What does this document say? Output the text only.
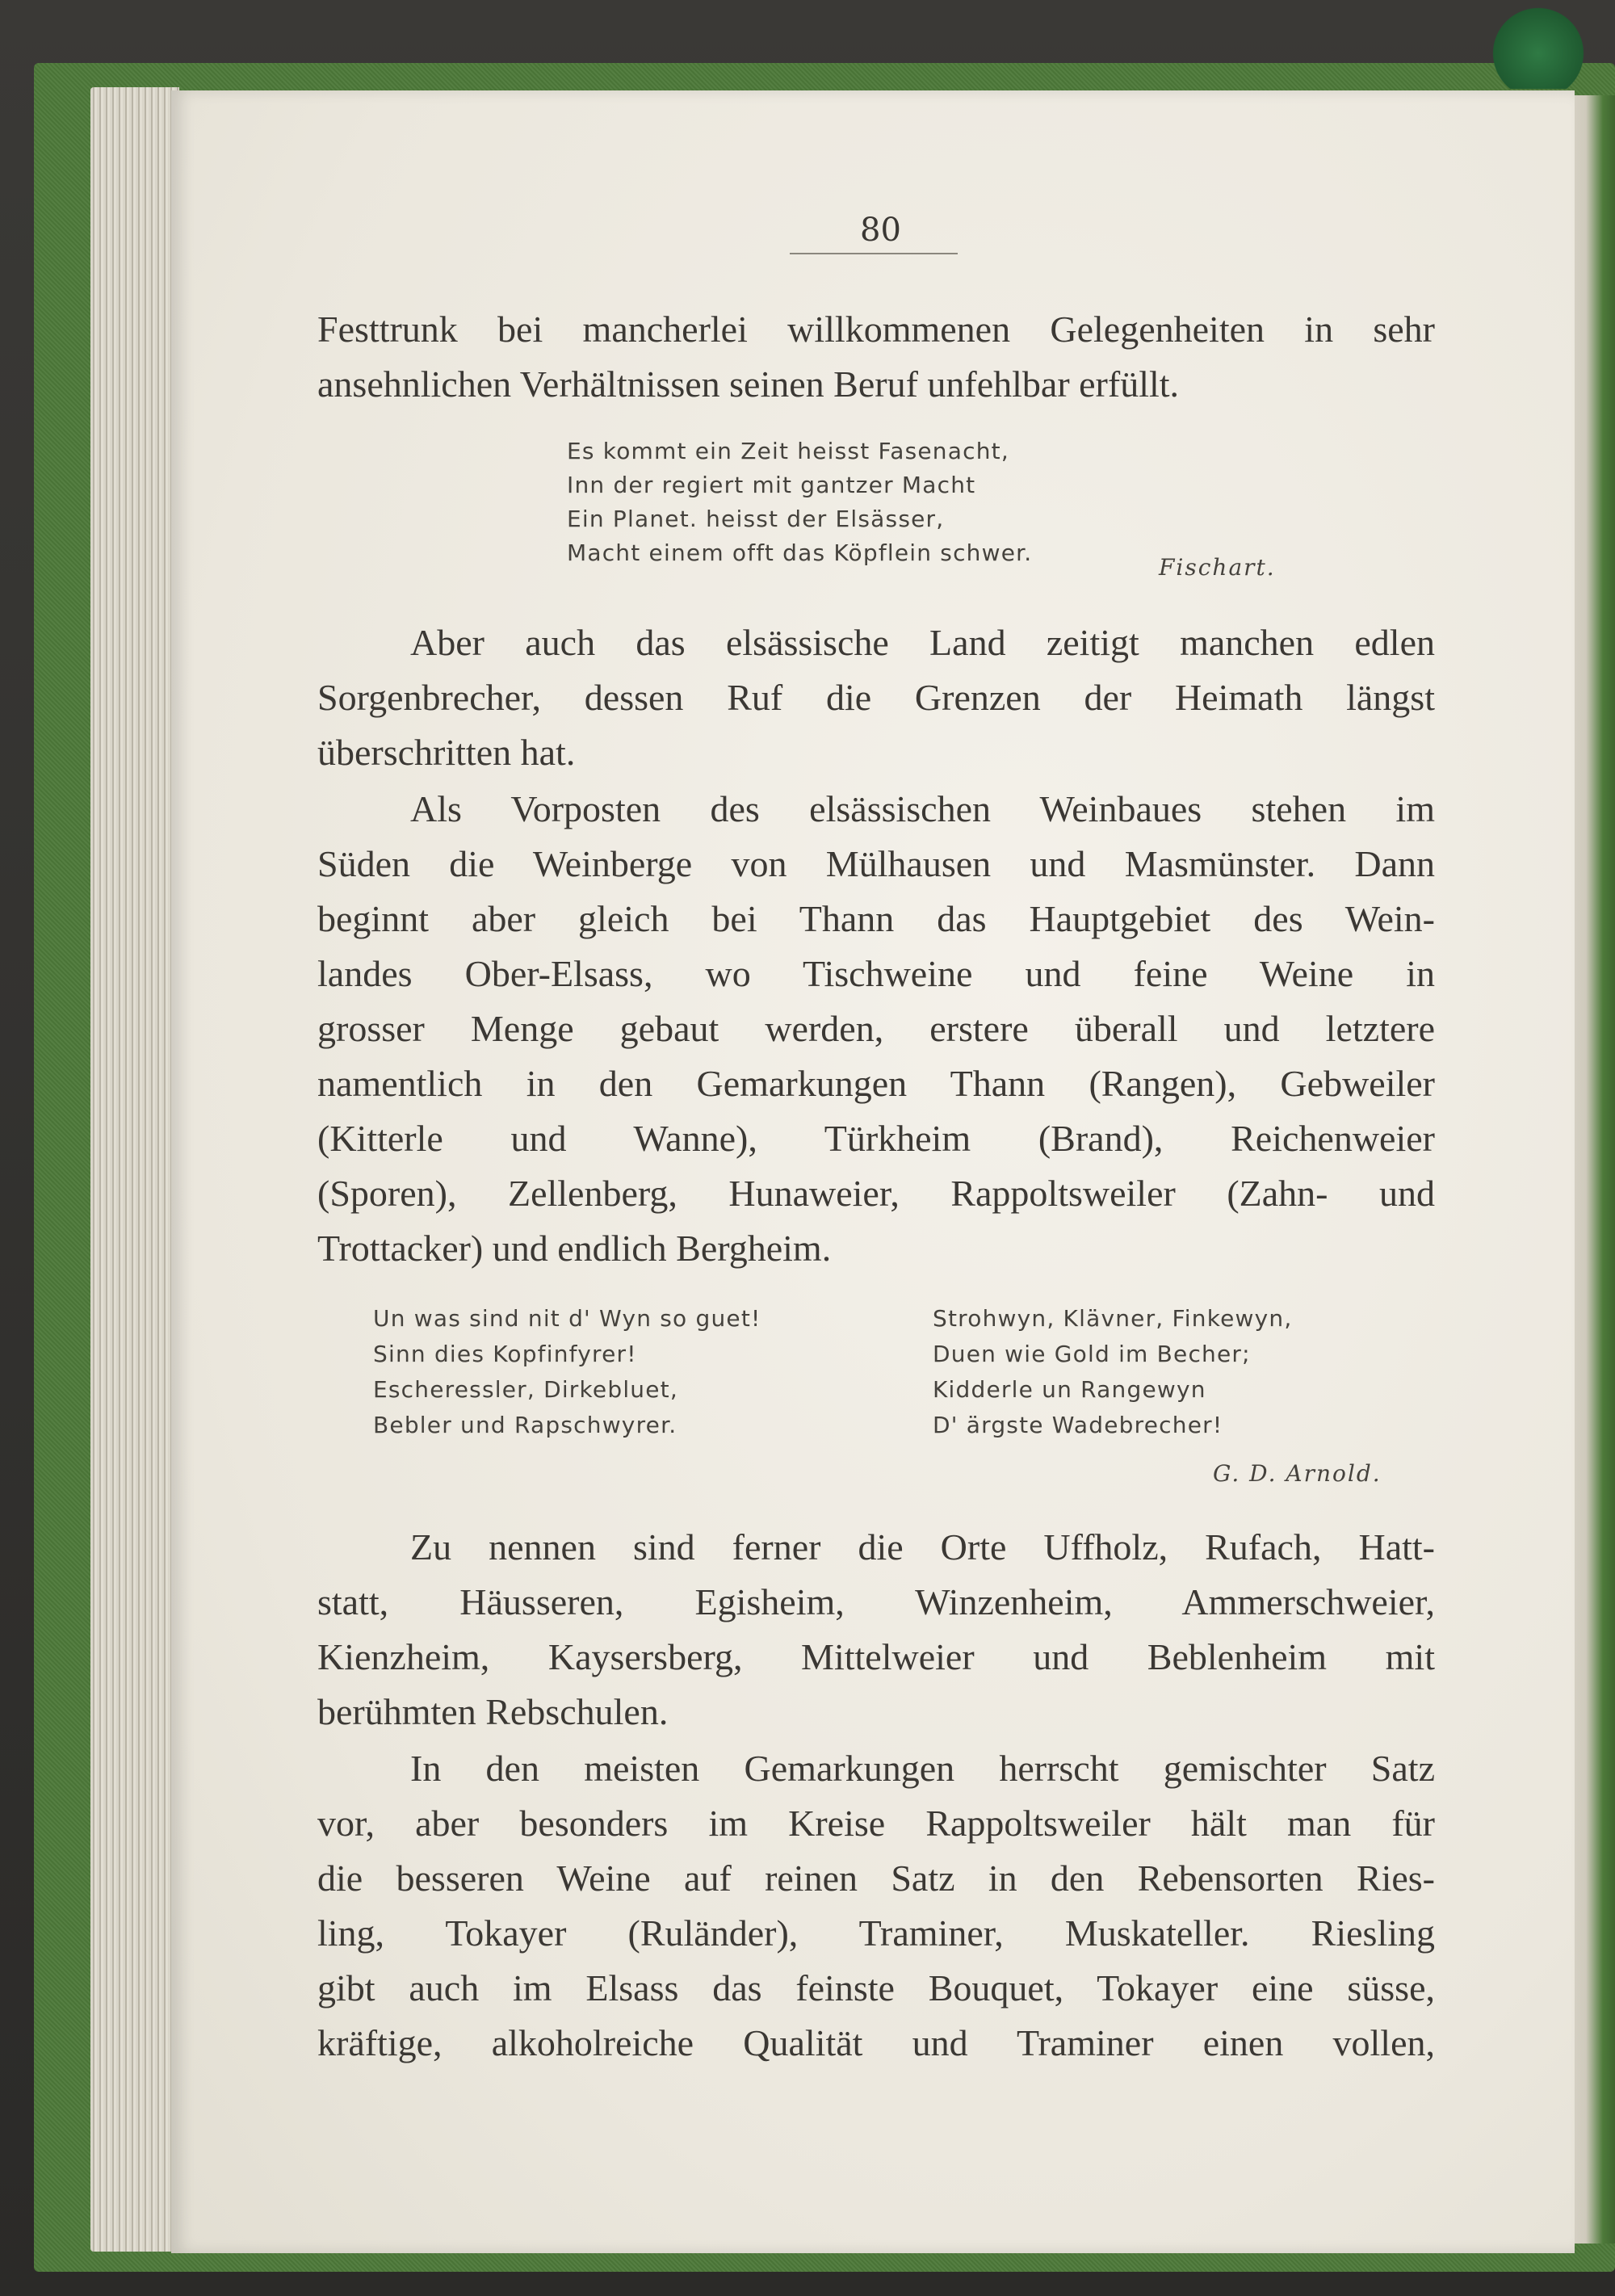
80

Festtrunk bei mancherlei willkommenen Gelegenheiten in sehr

ansehnlichen Verhältnissen seinen Beruf unfehlbar erfüllt.

Es kommt ein Zeit heisst Fasenacht,

Inn der regiert mit gantzer Macht

Ein Planet. heisst der Elsässer,

Macht einem offt das Köpflein schwer.

Fischart.

Aber auch das elsässische Land zeitigt manchen edlen

Sorgenbrecher, dessen Ruf die Grenzen der Heimath längst

überschritten hat.

Als Vorposten des elsässischen Weinbaues stehen im

Süden die Weinberge von Mülhausen und Masmünster. Dann

beginnt aber gleich bei Thann das Hauptgebiet des Wein-

landes Ober-Elsass, wo Tischweine und feine Weine in

grosser Menge gebaut werden, erstere überall und letztere

namentlich in den Gemarkungen Thann (Rangen), Gebweiler

(Kitterle und Wanne), Türkheim (Brand), Reichenweier

(Sporen), Zellenberg, Hunaweier, Rappoltsweiler (Zahn- und

Trottacker) und endlich Bergheim.

Un was sind nit d' Wyn so guet!

Sinn dies Kopfinfyrer!

Escheressler, Dirkebluet,

Bebler und Rapschwyrer.

Strohwyn, Klävner, Finkewyn,

Duen wie Gold im Becher;

Kidderle un Rangewyn

D' ärgste Wadebrecher!

G. D. Arnold.

Zu nennen sind ferner die Orte Uffholz, Rufach, Hatt-

statt, Häusseren, Egisheim, Winzenheim, Ammerschweier,

Kienzheim, Kaysersberg, Mittelweier und Beblenheim mit

berühmten Rebschulen.

In den meisten Gemarkungen herrscht gemischter Satz

vor, aber besonders im Kreise Rappoltsweiler hält man für

die besseren Weine auf reinen Satz in den Rebensorten Ries-

ling, Tokayer (Ruländer), Traminer, Muskateller. Riesling

gibt auch im Elsass das feinste Bouquet, Tokayer eine süsse,

kräftige, alkoholreiche Qualität und Traminer einen vollen,
